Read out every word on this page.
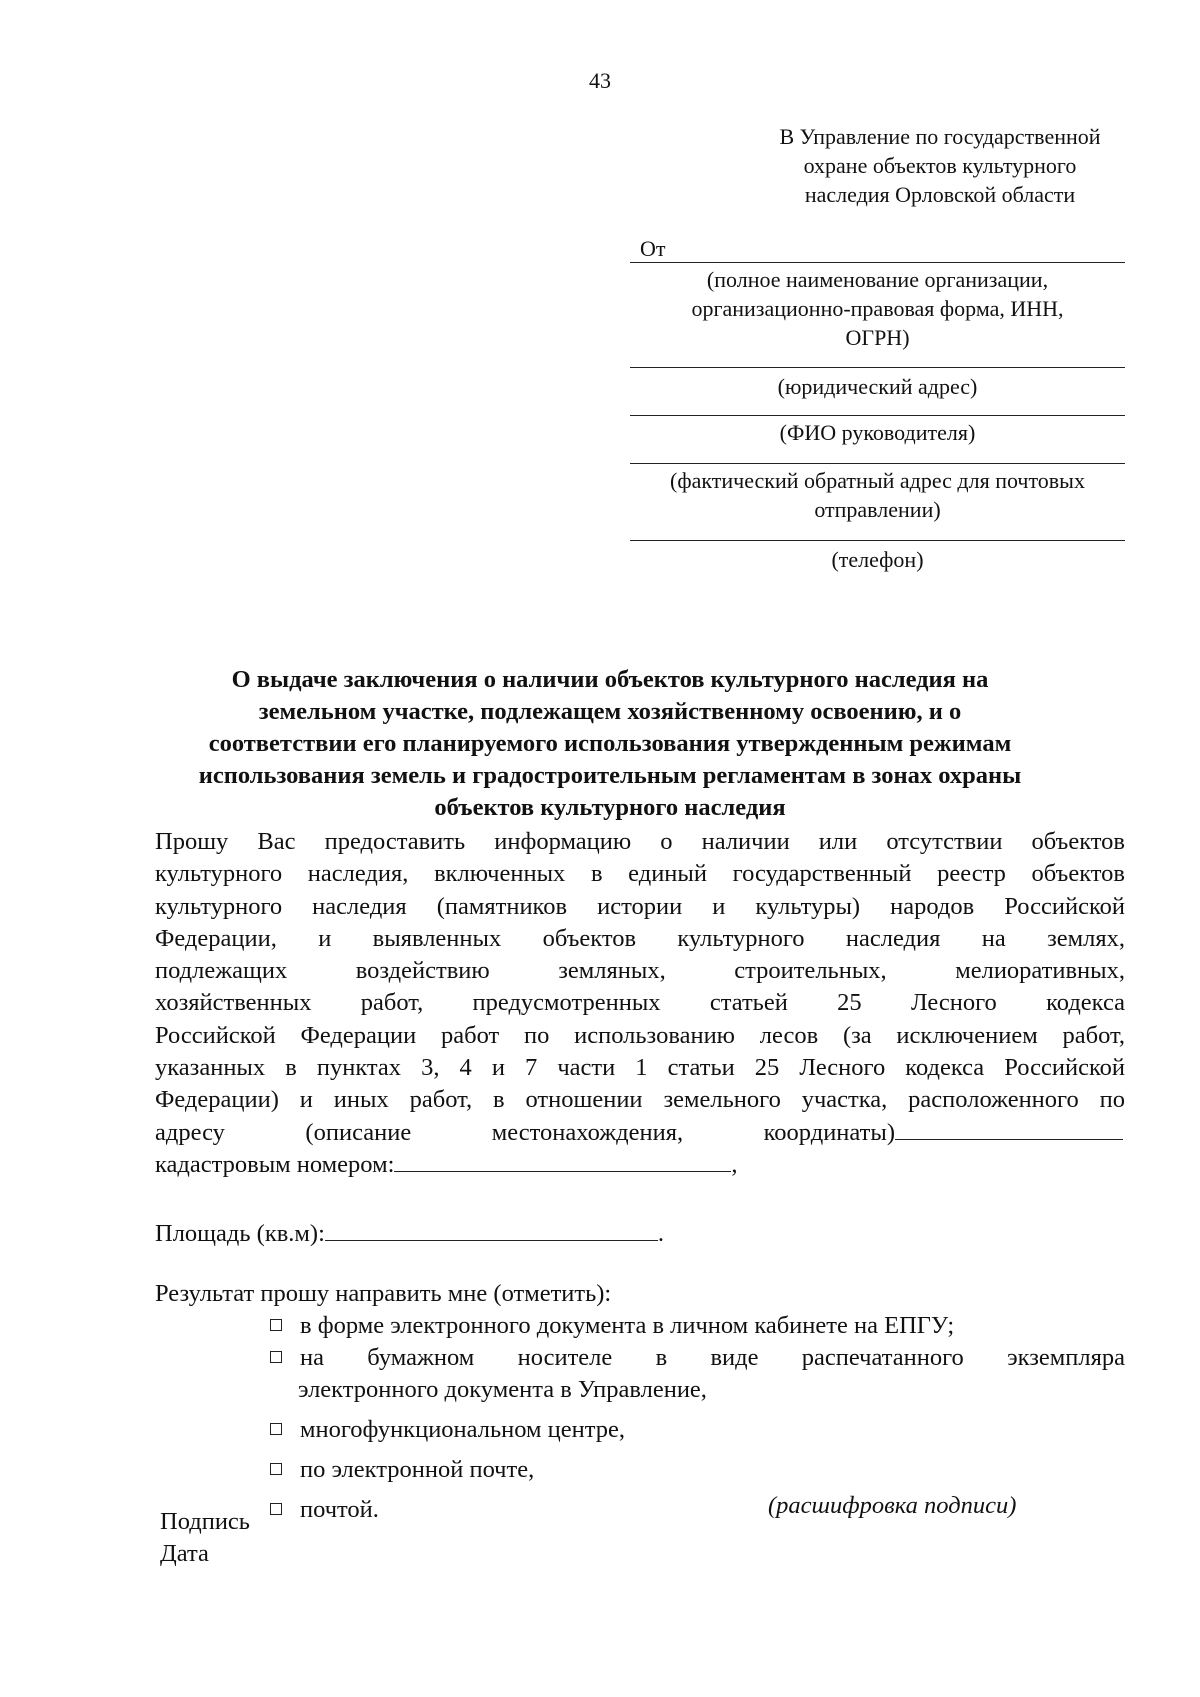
43
В Управление по государственной
охране объектов культурного
наследия Орловской области
От
(полное наименование организации,
организационно-правовая форма, ИНН,
ОГРН)
(юридический адрес)
(ФИО руководителя)
(фактический обратный адрес для почтовых
отправлении)
(телефон)
О выдаче заключения о наличии объектов культурного наследия на
земельном участке, подлежащем хозяйственному освоению, и о
соответствии его планируемого использования утвержденным режимам
использования земель и градостроительным регламентам в зонах охраны
объектов культурного наследия
Прошу Вас предоставить информацию о наличии или отсутствии объектов
культурного наследия, включенных в единый государственный реестр объектов
культурного наследия (памятников истории и культуры) народов Российской
Федерации, и выявленных объектов культурного наследия на землях,
подлежащих воздействию земляных, строительных, мелиоративных,
хозяйственных работ, предусмотренных статьей 25 Лесного кодекса
Российской Федерации работ по использованию лесов (за исключением работ,
указанных в пунктах 3, 4 и 7 части 1 статьи 25 Лесного кодекса Российской
Федерации) и иных работ, в отношении земельного участка, расположенного по
адресу (описание местонахождения, координаты)
кадастровым номером:	,
Площадь (кв.м):	.
Результат прошу направить мне (отметить):
в форме электронного документа в личном кабинете на ЕПГУ;
на бумажном носителе в виде распечатанного экземпляра
электронного документа в Управление,
многофункциональном центре,
по электронной почте,
почтой.
Подпись
Дата
(расшифровка подписи)
